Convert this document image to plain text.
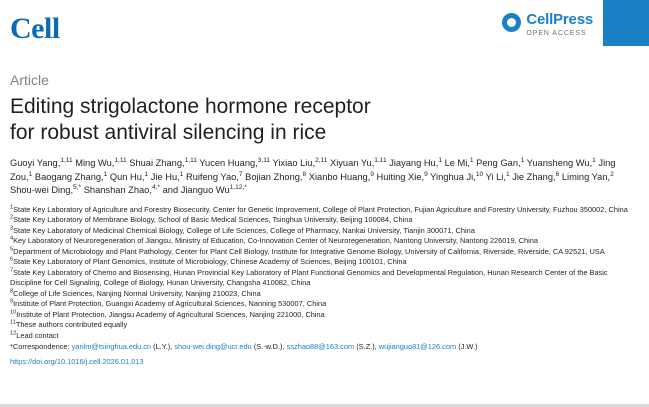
Cell	CellPress
OPEN ACCESS
Article
Editing strigolactone hormone receptor
for robust antiviral silencing in rice
Guoyi Yang,$^{1,11}$ Ming Wu,$^{1,11}$ Shuai Zhang,$^{1,11}$ Yucen Huang,$^{3,11}$ Yixiao Liu,$^{2,11}$ Xiyuan Yu,$^{1,11}$ Jiayang Hu,$^1$ Le Mi,$^1$ Peng Gan,$^1$ Yuansheng Wu,$^1$ Jing Zou,$^1$ Baogang Zhang,$^1$ Qun Hu,$^1$ Jie Hu,$^1$ Ruifeng Yao,$^7$ Bojian Zhong,$^8$ Xianbo Huang,$^9$ Huiting Xie,$^9$ Yinghua Ji,$^{10}$ Yi Li,$^1$ Jie Zhang,$^6$ Liming Yan,$^2$ Shou-wei Ding,$^{5,*}$ Shanshan Zhao,$^{4,*}$ and Jianguo $Wu^{1,12,*}$

$^1$State Key Laboratory of Agriculture and Forestry Biosecurity, Center for Genetic Improvement, College of Plant Protection, Fujian Agriculture and Forestry University, Fuzhou 350002, China

$^2$State Key Laboratory of Membrane Biology, School of Basic Medical Sciences, Tsinghua University, Beijing 100084, China

$^3$State Key Laboratory of Medicinal Chemical Biology, College of Life Sciences, College of Pharmacy, Nankai University, Tianjin 300071, China

$^4$Key Laboratory of Neuroregeneration of Jiangsu, Ministry of Education, Co-Innovation Center of Neuroregeneration, Nantong University, Nantong 226019, China

$^5$Department of Microbiology and Plant Pathology, Center for Plant Cell Biology, Institute for Integrative Genome Biology, University of California, Riverside, Riverside, CA 92521, USA

$^6$State Key Laboratory of Plant Genomics, Institute of Microbiology, Chinese Academy of Sciences, Beijing 100101, China

$^7$State Key Laboratory of Chemo and Biosensing, Hunan Provincial Key Laboratory of Plant Functional Genomics and Developmental Regulation, Hunan Research Center of the Basic Discipline for Cell Signaling, College of Biology, Hunan University, Changsha 410082, China

$^8$College of Life Sciences, Nanjing Normal University, Nanjing 210023, China

$^9$Institute of Plant Protection, Guangxi Academy of Agricultural Sciences, Nanning 530007, China

$^{10}$Institute of Plant Protection, Jiangsu Academy of Agricultural Sciences, Nanjing 221000, China

$^{11}$These authors contributed equally

$^{12}$Lead contact

*Correspondence: yanlm@tsinghua.edu.cn (L.Y.), shou-wei.ding@ucr.edu (S.-w.D.), sszhao88@163.com (S.Z.), wujianguo81@126.com (J.W.)

https://doi.org/10.1016/j.cell.2026.01.013
